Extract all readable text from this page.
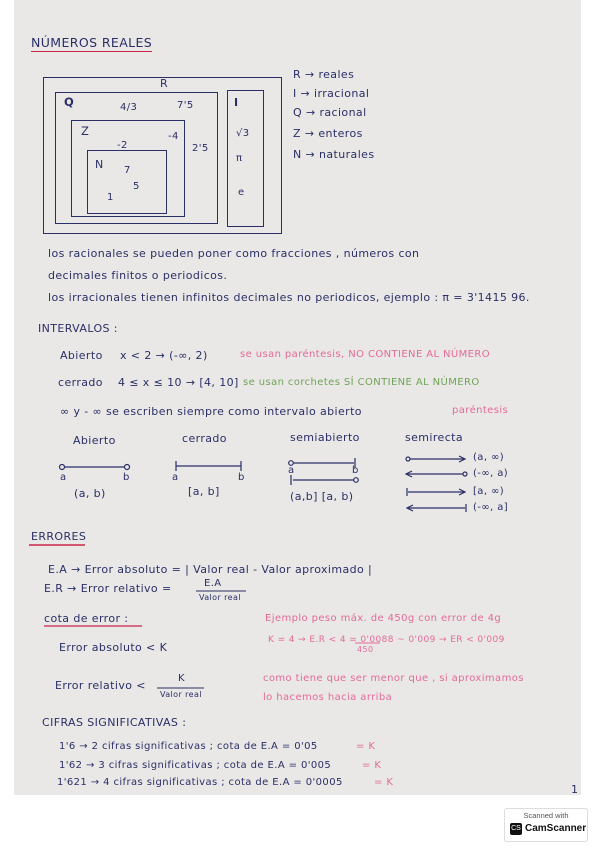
NÚMEROS REALES
R
Q	I
Z
N
4/3	7'5
-2
-4
2'5
7
5
1
√3
π
e
R → reales
I → irracional
Q → racional
Z → enteros
N → naturales
los racionales se pueden poner como fracciones , números con
decimales finitos o periodicos.
los irracionales tienen infinitos decimales no periodicos, ejemplo : π = 3'1415 96.
INTERVALOS :
Abierto x < 2 → (-∞, 2)	se usan paréntesis, NO CONTIENE AL NÚMERO
cerrado 4 ≤ x ≤ 10 → [4, 10] se usan corchetes SÍ CONTIENE AL NÚMERO
∞ y - ∞ se escriben siempre como intervalo abierto	paréntesis
Abierto	cerrado	semiabierto	semirecta
a	b	a	b
a	b
(a, b)	[a, b]	(a,b] [a, b)
(a, ∞)
(-∞, a)
[a, ∞)
(-∞, a]
ERRORES
E.A → Error absoluto = | Valor real - Valor aproximado |
E.R → Error relativo =	E.A
Valor real
cota de error :
Error absoluto < K
Error relativo <
K
Valor real
Ejemplo peso máx. de 450g con error de 4g
K = 4 → E.R < 4 = 0'0088 ~ 0'009 → ER < 0'009
450
como tiene que ser menor que , si aproximamos
lo hacemos hacia arriba
CIFRAS SIGNIFICATIVAS :
1'6 → 2 cifras significativas ; cota de E.A = 0'05	= K
1'62 → 3 cifras significativas ; cota de E.A = 0'005	= K
1'621 → 4 cifras significativas ; cota de E.A = 0'0005	= K
1
Scanned with
CS CamScanner
